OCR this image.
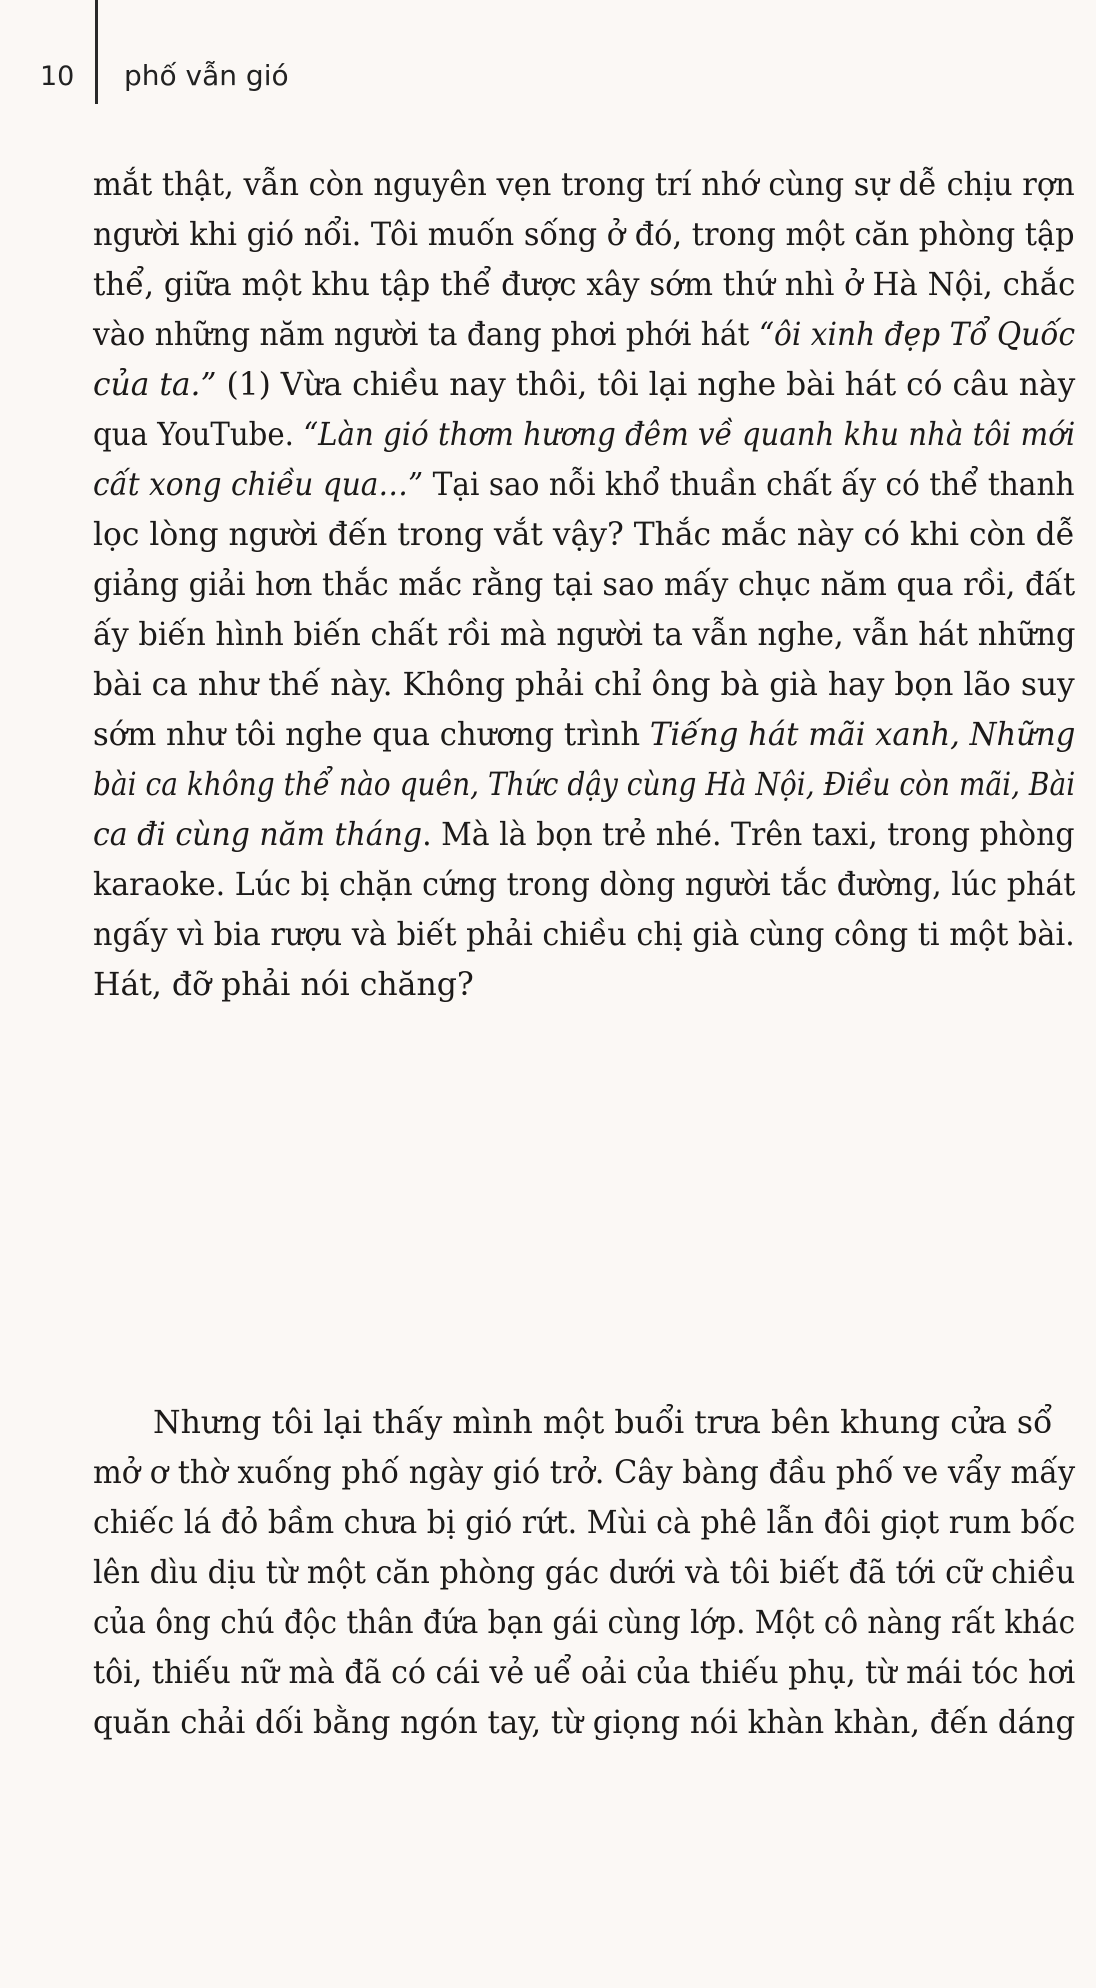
10 phố vẫn gió

mắt thật, vẫn còn nguyên vẹn trong trí nhớ cùng sự dễ chịu rợn
người khi gió nổi. Tôi muốn sống ở đó, trong một căn phòng tập
thể, giữa một khu tập thể được xây sớm thứ nhì ở Hà Nội, chắc
vào những năm người ta đang phơi phới hát “ôi xinh đẹp Tổ Quốc
của ta.” (1) Vừa chiều nay thôi, tôi lại nghe bài hát có câu này
qua YouTube. “Làn gió thơm hương đêm về quanh khu nhà tôi mới
cất xong chiều qua…” Tại sao nỗi khổ thuần chất ấy có thể thanh
lọc lòng người đến trong vắt vậy? Thắc mắc này có khi còn dễ
giảng giải hơn thắc mắc rằng tại sao mấy chục năm qua rồi, đất
ấy biến hình biến chất rồi mà người ta vẫn nghe, vẫn hát những
bài ca như thế này. Không phải chỉ ông bà già hay bọn lão suy
sớm như tôi nghe qua chương trình Tiếng hát mãi xanh, Những
bài ca không thể nào quên, Thức dậy cùng Hà Nội, Điều còn mãi, Bài
ca đi cùng năm tháng. Mà là bọn trẻ nhé. Trên taxi, trong phòng
karaoke. Lúc bị chặn cứng trong dòng người tắc đường, lúc phát
ngấy vì bia rượu và biết phải chiều chị già cùng công ti một bài.
Hát, đỡ phải nói chăng?

Nhưng tôi lại thấy mình một buổi trưa bên khung cửa sổ
mở ơ thờ xuống phố ngày gió trở. Cây bàng đầu phố ve vẩy mấy
chiếc lá đỏ bầm chưa bị gió rứt. Mùi cà phê lẫn đôi giọt rum bốc
lên dìu dịu từ một căn phòng gác dưới và tôi biết đã tới cữ chiều
của ông chú độc thân đứa bạn gái cùng lớp. Một cô nàng rất khác
tôi, thiếu nữ mà đã có cái vẻ uể oải của thiếu phụ, từ mái tóc hơi
quăn chải dối bằng ngón tay, từ giọng nói khàn khàn, đến dáng
